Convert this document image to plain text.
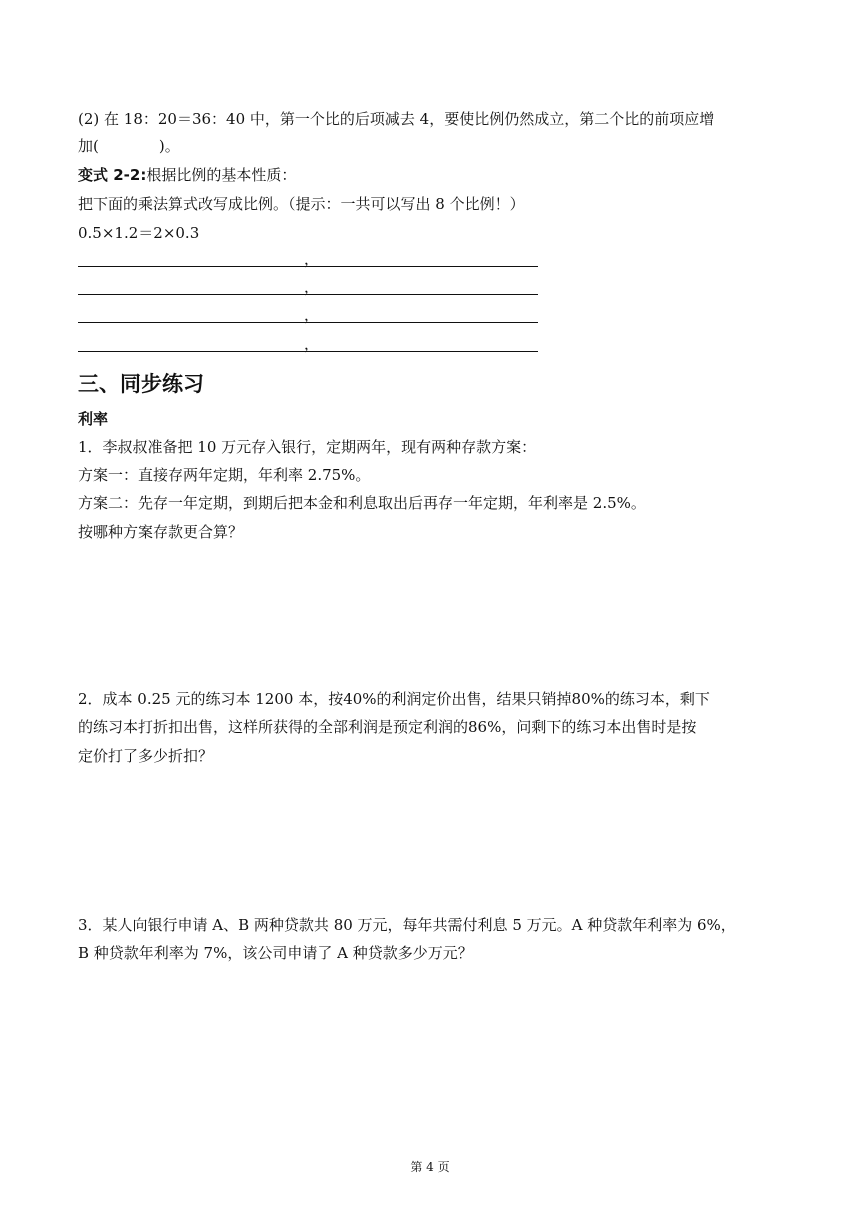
(2) 在 18：20＝36：40 中，第一个比的后项减去 4，要使比例仍然成立，第二个比的前项应增
加(　　　　)。
变式 2-2:根据比例的基本性质：
把下面的乘法算式改写成比例。（提示：一共可以写出 8 个比例！）
0.5×1.2＝2×0.3
，
，
，
，
三、同步练习
利率
1．李叔叔准备把 10 万元存入银行，定期两年，现有两种存款方案：
方案一：直接存两年定期，年利率 2.75%。
方案二：先存一年定期，到期后把本金和利息取出后再存一年定期，年利率是 2.5%。
按哪种方案存款更合算？
2．成本 0.25 元的练习本 1200 本，按40%的利润定价出售，结果只销掉80%的练习本，剩下
的练习本打折扣出售，这样所获得的全部利润是预定利润的86%，问剩下的练习本出售时是按
定价打了多少折扣？
3．某人向银行申请 A、B 两种贷款共 80 万元，每年共需付利息 5 万元。A 种贷款年利率为 6%，
B 种贷款年利率为 7%，该公司申请了 A 种贷款多少万元？
第 4 页
